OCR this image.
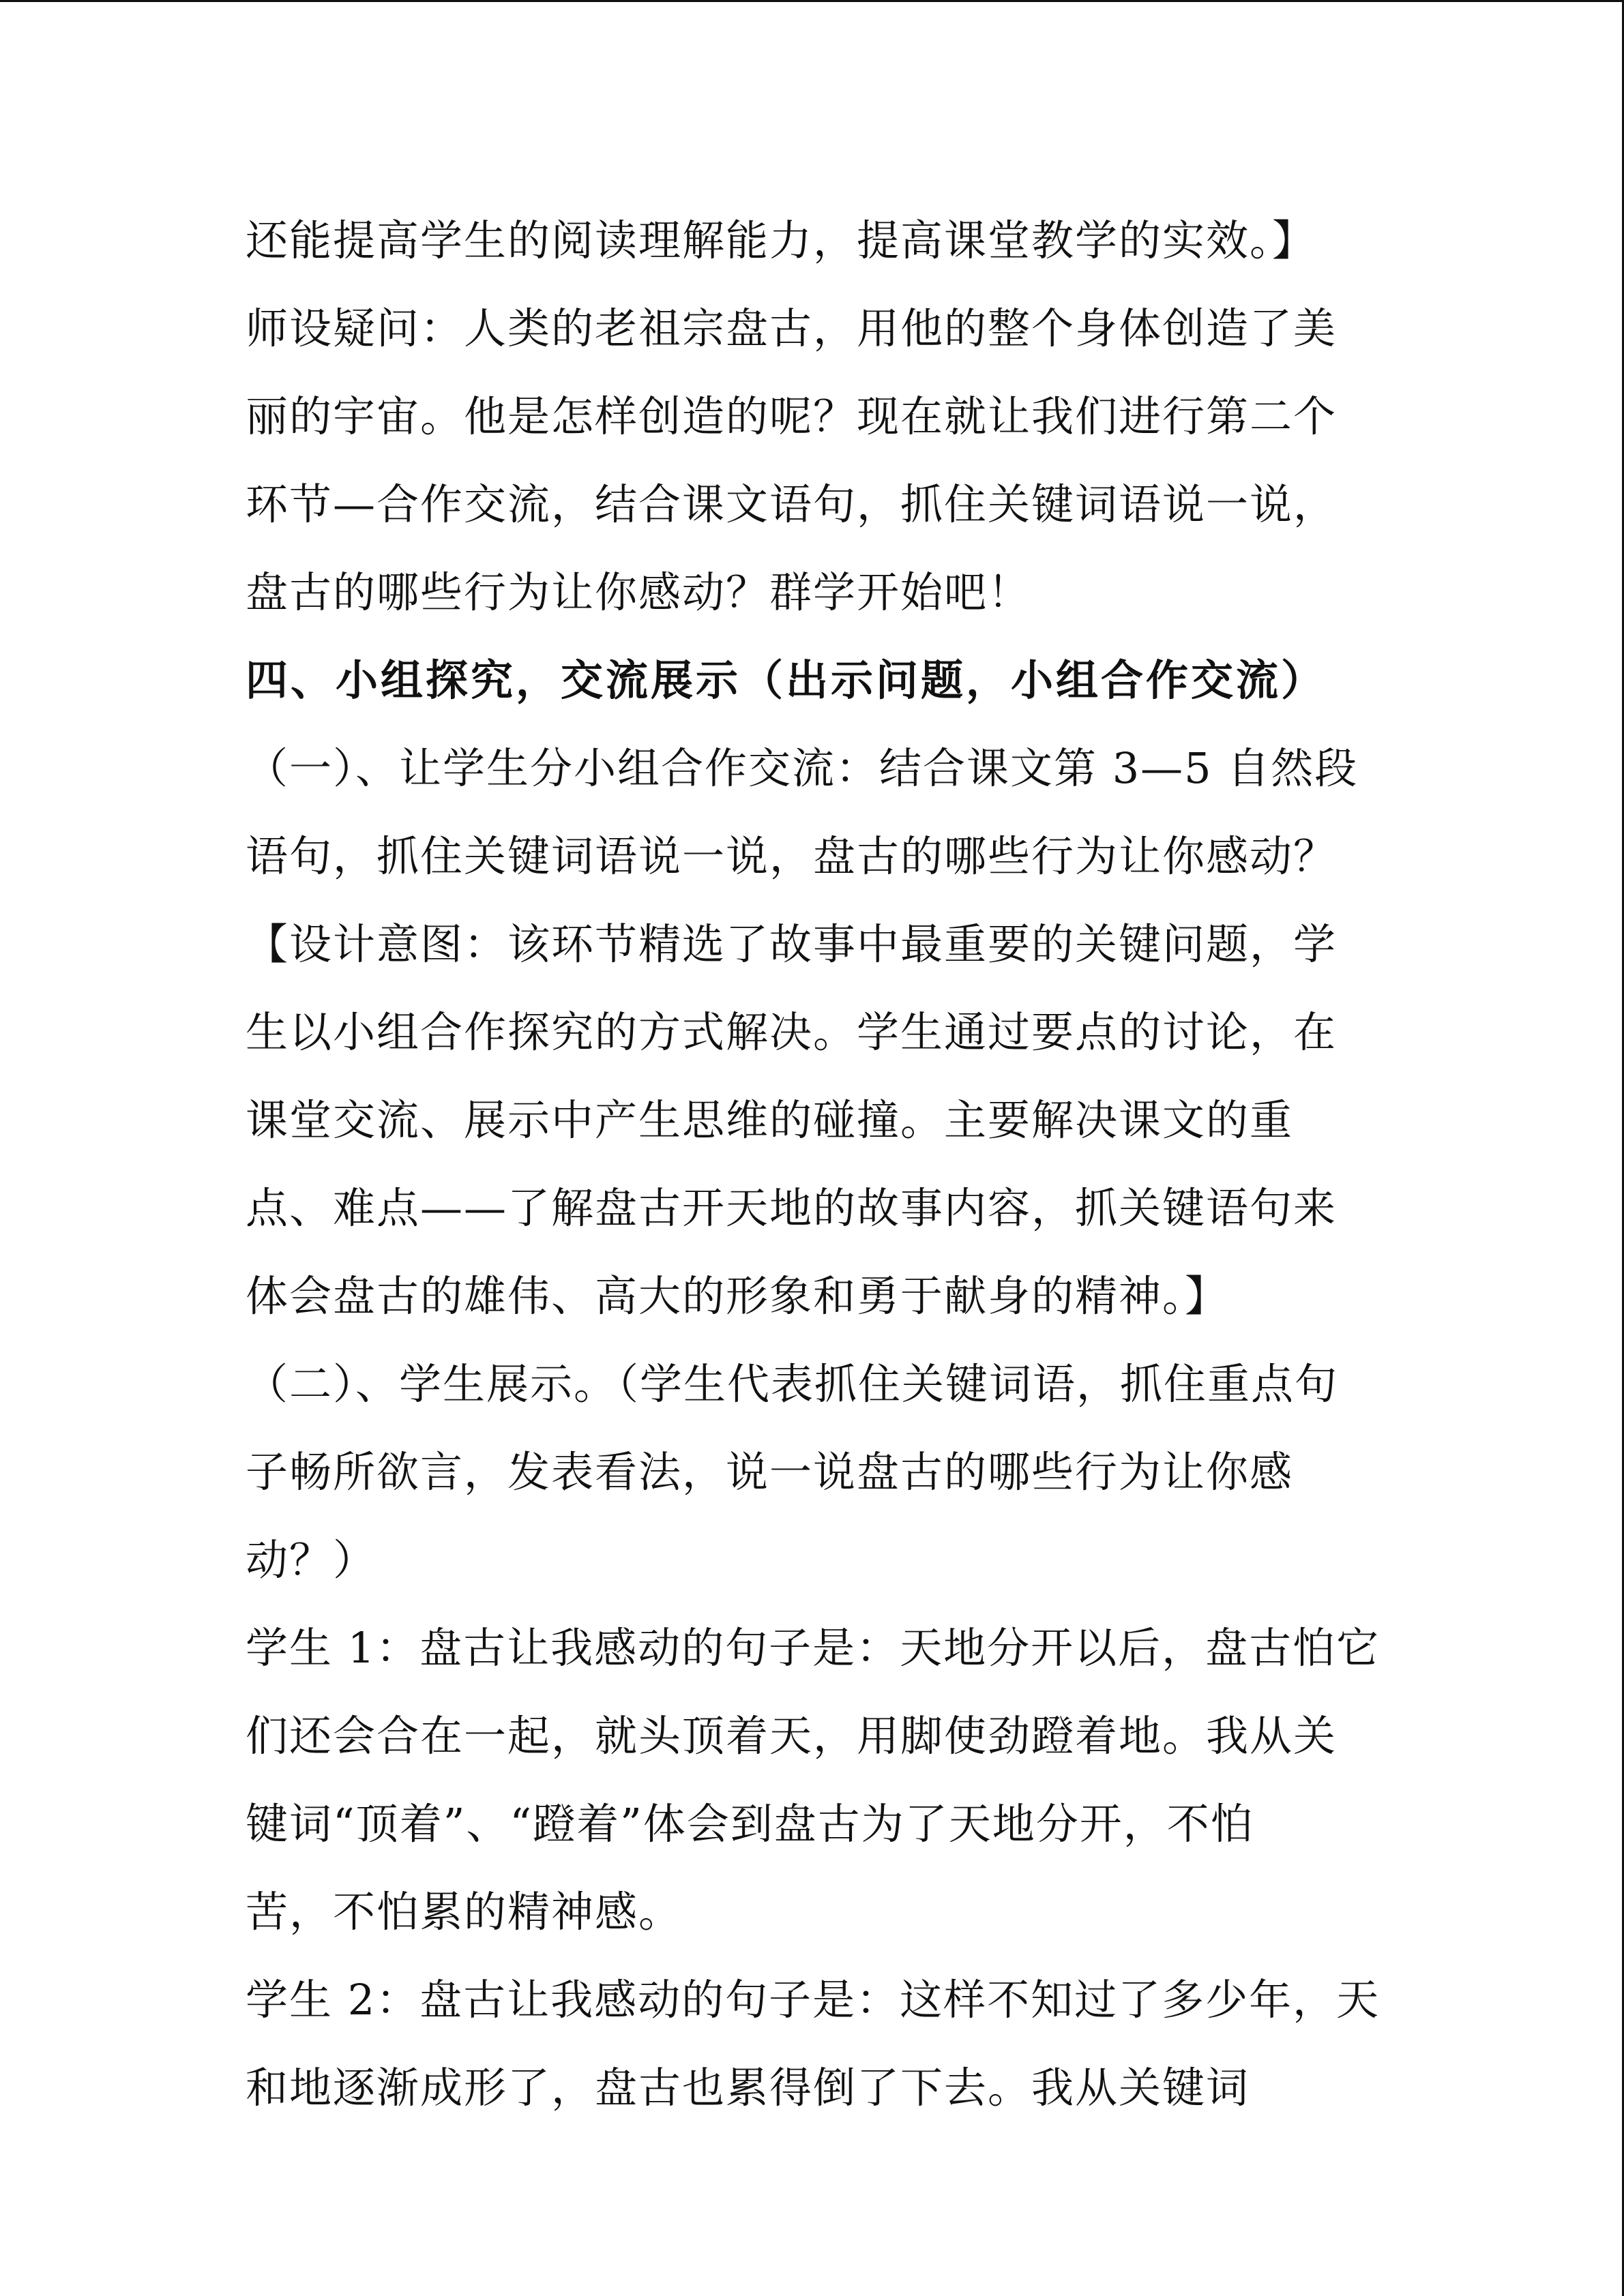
还能提高学生的阅读理解能力，提高课堂教学的实效。】
师设疑问：人类的老祖宗盘古，用他的整个身体创造了美
丽的宇宙。他是怎样创造的呢？现在就让我们进行第二个
环节—合作交流，结合课文语句，抓住关键词语说一说，
盘古的哪些行为让你感动？群学开始吧！
四、小组探究，交流展示（出示问题，小组合作交流）
（一）、让学生分小组合作交流：结合课文第 3—5 自然段
语句，抓住关键词语说一说，盘古的哪些行为让你感动？
【设计意图：该环节精选了故事中最重要的关键问题，学
生以小组合作探究的方式解决。学生通过要点的讨论，在
课堂交流、展示中产生思维的碰撞。主要解决课文的重
点、难点——了解盘古开天地的故事内容，抓关键语句来
体会盘古的雄伟、高大的形象和勇于献身的精神。】
（二）、学生展示。（学生代表抓住关键词语，抓住重点句
子畅所欲言，发表看法，说一说盘古的哪些行为让你感
动？）
学生 1：盘古让我感动的句子是：天地分开以后，盘古怕它
们还会合在一起，就头顶着天，用脚使劲蹬着地。我从关
键词“顶着”、“蹬着”体会到盘古为了天地分开，不怕
苦，不怕累的精神感。
学生 2：盘古让我感动的句子是：这样不知过了多少年，天
和地逐渐成形了，盘古也累得倒了下去。我从关键词
